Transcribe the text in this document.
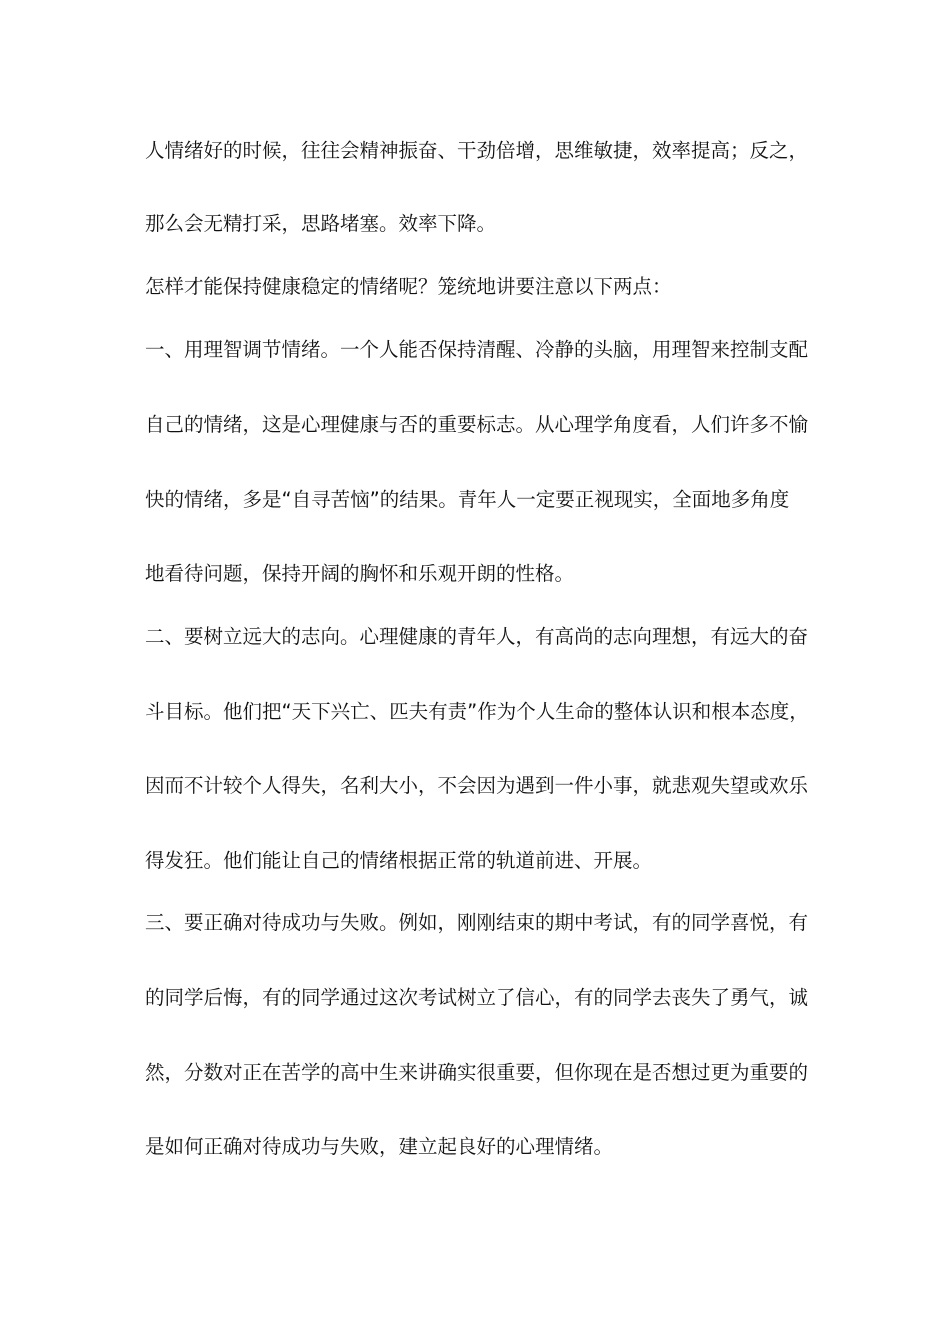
人情绪好的时候，往往会精神振奋、干劲倍增，思维敏捷，效率提高；反之，
那么会无精打采，思路堵塞。效率下降。
怎样才能保持健康稳定的情绪呢？笼统地讲要注意以下两点：
一、用理智调节情绪。一个人能否保持清醒、冷静的头脑，用理智来控制支配
自己的情绪，这是心理健康与否的重要标志。从心理学角度看，人们许多不愉
快的情绪，多是“自寻苦恼”的结果。青年人一定要正视现实，全面地多角度
地看待问题，保持开阔的胸怀和乐观开朗的性格。
二、要树立远大的志向。心理健康的青年人，有高尚的志向理想，有远大的奋
斗目标。他们把“天下兴亡、匹夫有责”作为个人生命的整体认识和根本态度，
因而不计较个人得失，名利大小，不会因为遇到一件小事，就悲观失望或欢乐
得发狂。他们能让自己的情绪根据正常的轨道前进、开展。
三、要正确对待成功与失败。例如，刚刚结束的期中考试，有的同学喜悦，有
的同学后悔，有的同学通过这次考试树立了信心，有的同学去丧失了勇气，诚
然，分数对正在苦学的高中生来讲确实很重要，但你现在是否想过更为重要的
是如何正确对待成功与失败，建立起良好的心理情绪。
